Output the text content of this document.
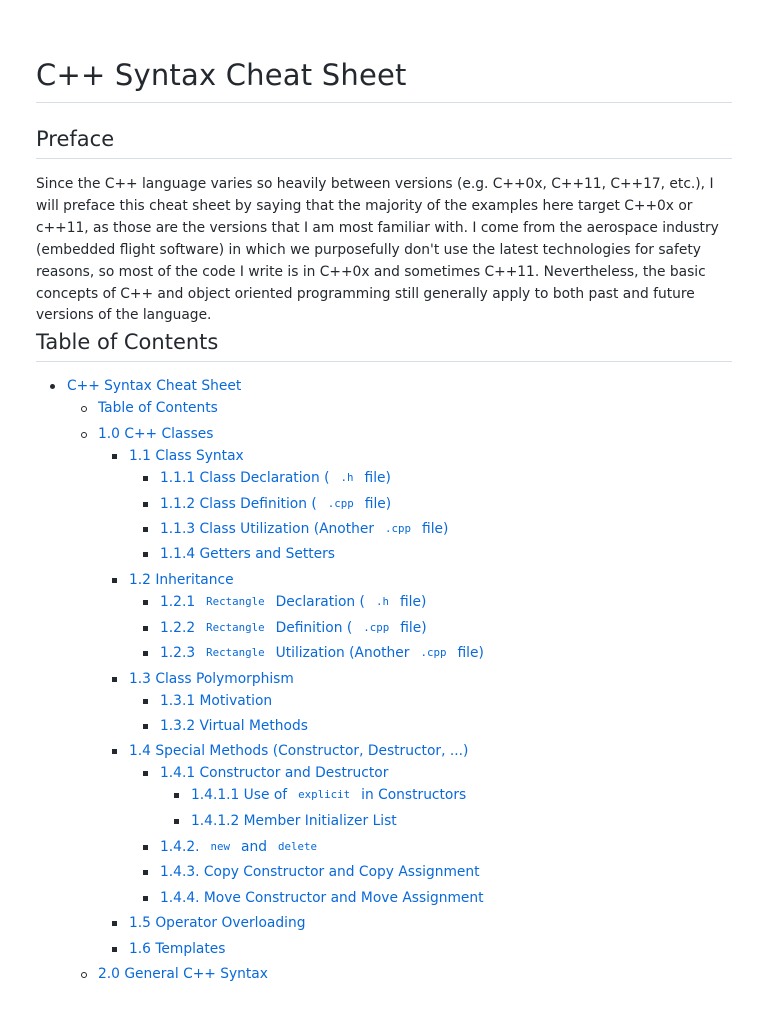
C++ Syntax Cheat Sheet
Preface

Since the C++ language varies so heavily between versions (e.g. C++0x, C++11, C++17, etc.), I will preface this cheat sheet by saying that the majority of the examples here target C++0x or c++11, as those are the versions that I am most familiar with. I come from the aerospace industry (embedded flight software) in which we purposefully don't use the latest technologies for safety reasons, so most of the code I write is in C++0x and sometimes C++11. Nevertheless, the basic concepts of C++ and object oriented programming still generally apply to both past and future versions of the language.

Table of Contents
C++ Syntax Cheat Sheet
Table of Contents
1.0 C++ Classes
1.1 Class Syntax
1.1.1 Class Declaration (	.h file)
1.1.2 Class Definition (	.cpp file)
1.1.3 Class Utilization (Another	.cpp file)
1.1.4 Getters and Setters
1.2 Inheritance
1.2.1	Rectangle Declaration (	.h file)
1.2.2	Rectangle Definition (	.cpp file)
1.2.3	Rectangle Utilization (Another	.cpp file)
1.3 Class Polymorphism
1.3.1 Motivation
1.3.2 Virtual Methods
1.4 Special Methods (Constructor, Destructor, ...)
1.4.1 Constructor and Destructor
1.4.1.1 Use of	explicit in Constructors
1.4.1.2 Member Initializer List
1.4.2.	new and	delete
1.4.3. Copy Constructor and Copy Assignment
1.4.4. Move Constructor and Move Assignment
1.5 Operator Overloading
1.6 Templates
2.0 General C++ Syntax
